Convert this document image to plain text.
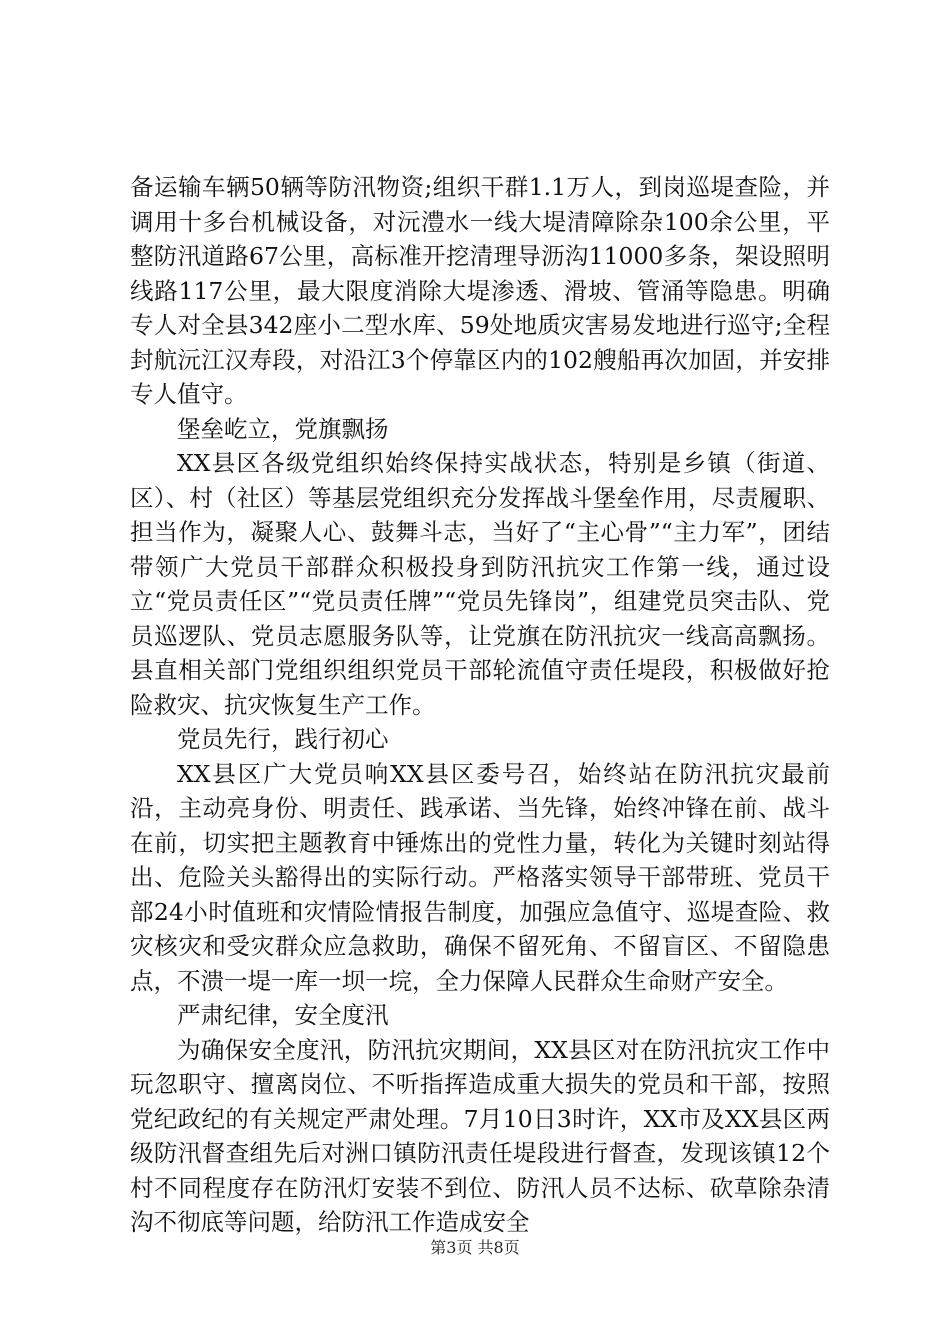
备运输车辆50辆等防汛物资;组织干群1.1万人，到岗巡堤查险，并调用十多台机械设备，对沅澧水一线大堤清障除杂100余公里，平整防汛道路67公里，高标准开挖清理导沥沟11000多条，架设照明线路117公里，最大限度消除大堤渗透、滑坡、管涌等隐患。明确专人对全县342座小二型水库、59处地质灾害易发地进行巡守;全程封航沅江汉寿段，对沿江3个停靠区内的102艘船再次加固，并安排专人值守。

堡垒屹立，党旗飘扬

XX县区各级党组织始终保持实战状态，特别是乡镇（街道、区）、村（社区）等基层党组织充分发挥战斗堡垒作用，尽责履职、担当作为，凝聚人心、鼓舞斗志，当好了“主心骨”“主力军”，团结带领广大党员干部群众积极投身到防汛抗灾工作第一线，通过设立“党员责任区”“党员责任牌”“党员先锋岗”，组建党员突击队、党员巡逻队、党员志愿服务队等，让党旗在防汛抗灾一线高高飘扬。县直相关部门党组织组织党员干部轮流值守责任堤段，积极做好抢险救灾、抗灾恢复生产工作。

党员先行，践行初心

XX县区广大党员响XX县区委号召，始终站在防汛抗灾最前沿，主动亮身份、明责任、践承诺、当先锋，始终冲锋在前、战斗在前，切实把主题教育中锤炼出的党性力量，转化为关键时刻站得出、危险关头豁得出的实际行动。严格落实领导干部带班、党员干部24小时值班和灾情险情报告制度，加强应急值守、巡堤查险、救灾核灾和受灾群众应急救助，确保不留死角、不留盲区、不留隐患点，不溃一堤一库一坝一垸，全力保障人民群众生命财产安全。

严肃纪律，安全度汛

为确保安全度汛，防汛抗灾期间，XX县区对在防汛抗灾工作中玩忽职守、擅离岗位、不听指挥造成重大损失的党员和干部，按照党纪政纪的有关规定严肃处理。7月10日3时许，XX市及XX县区两级防汛督查组先后对洲口镇防汛责任堤段进行督查，发现该镇12个村不同程度存在防汛灯安装不到位、防汛人员不达标、砍草除杂清沟不彻底等问题，给防汛工作造成安全

第3页 共8页
